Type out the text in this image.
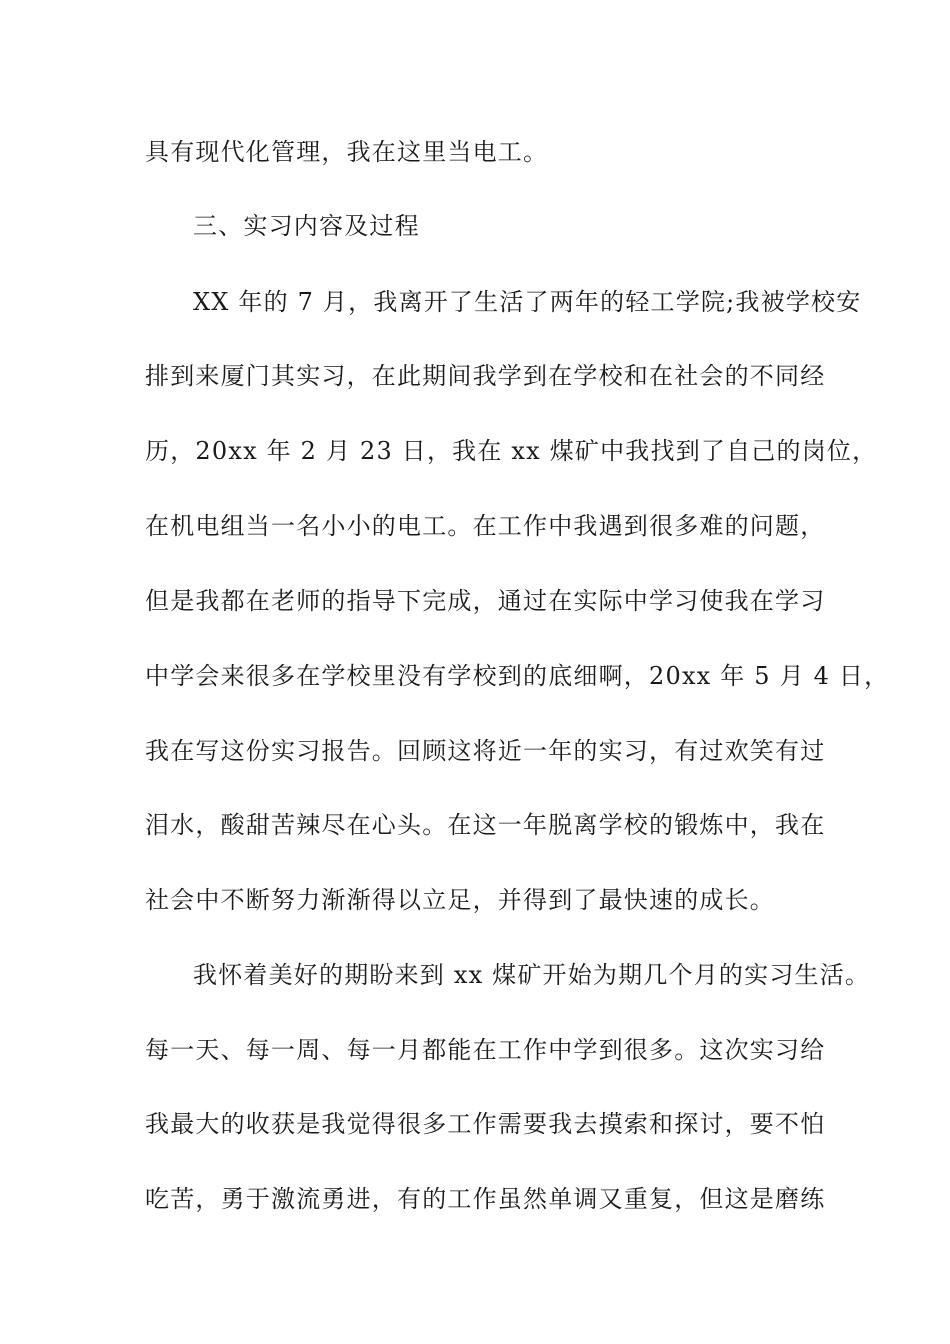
具有现代化管理，我在这里当电工。
三、实习内容及过程
XX 年的 7 月，我离开了生活了两年的轻工学院;我被学校安
排到来厦门其实习，在此期间我学到在学校和在社会的不同经
历，20xx 年 2 月 23 日，我在 xx 煤矿中我找到了自己的岗位，
在机电组当一名小小的电工。在工作中我遇到很多难的问题，
但是我都在老师的指导下完成，通过在实际中学习使我在学习
中学会来很多在学校里没有学校到的底细啊，20xx 年 5 月 4 日，
我在写这份实习报告。回顾这将近一年的实习，有过欢笑有过
泪水，酸甜苦辣尽在心头。在这一年脱离学校的锻炼中，我在
社会中不断努力渐渐得以立足，并得到了最快速的成长。
我怀着美好的期盼来到 xx 煤矿开始为期几个月的实习生活。
每一天、每一周、每一月都能在工作中学到很多。这次实习给
我最大的收获是我觉得很多工作需要我去摸索和探讨，要不怕
吃苦，勇于激流勇进，有的工作虽然单调又重复，但这是磨练
